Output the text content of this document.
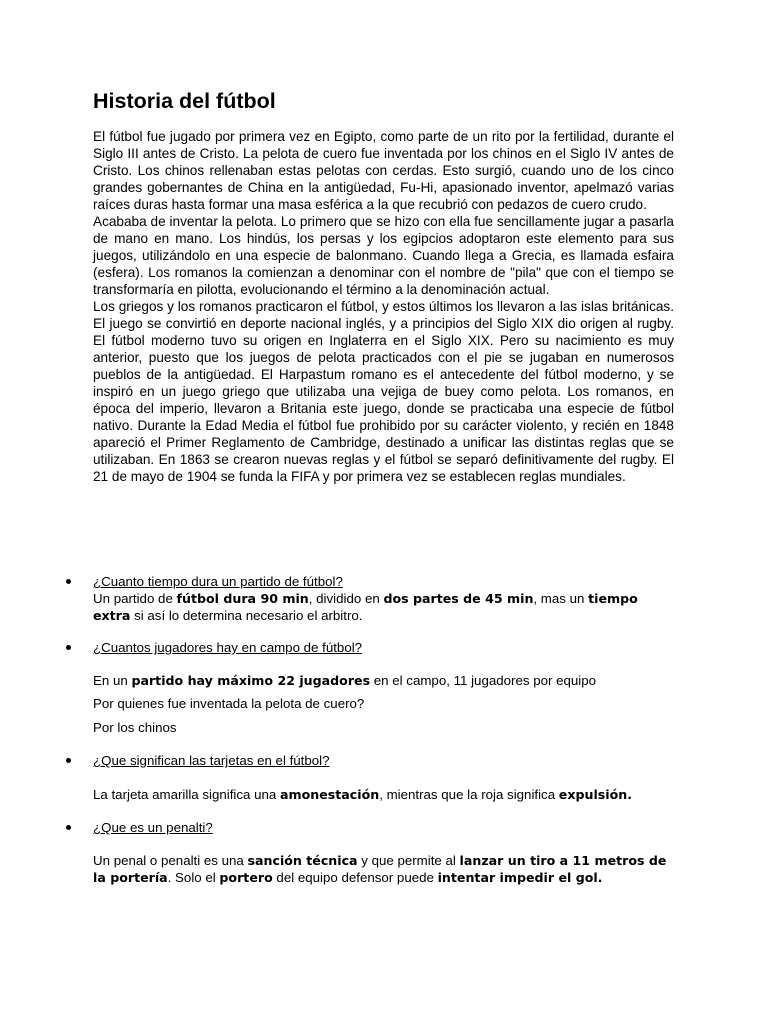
Historia del fútbol

El fútbol fue jugado por primera vez en Egipto, como parte de un rito por la fertilidad, durante el Siglo III antes de Cristo. La pelota de cuero fue inventada por los chinos en el Siglo IV antes de Cristo. Los chinos rellenaban estas pelotas con cerdas. Esto surgió, cuando uno de los cinco grandes gobernantes de China en la antigüedad, Fu-Hi, apasionado inventor, apelmazó varias raíces duras hasta formar una masa esférica a la que recubrió con pedazos de cuero crudo.

Acababa de inventar la pelota. Lo primero que se hizo con ella fue sencillamente jugar a pasarla de mano en mano. Los hindús, los persas y los egipcios adoptaron este elemento para sus juegos, utilizándolo en una especie de balonmano. Cuando llega a Grecia, es llamada esfaira (esfera). Los romanos la comienzan a denominar con el nombre de "pila" que con el tiempo se transformaría en pilotta, evolucionando el término a la denominación actual.

Los griegos y los romanos practicaron el fútbol, y estos últimos los llevaron a las islas británicas. El juego se convirtió en deporte nacional inglés, y a principios del Siglo XIX dio origen al rugby. El fútbol moderno tuvo su origen en Inglaterra en el Siglo XIX. Pero su nacimiento es muy anterior, puesto que los juegos de pelota practicados con el pie se jugaban en numerosos pueblos de la antigüedad. El Harpastum romano es el antecedente del fútbol moderno, y se inspiró en un juego griego que utilizaba una vejiga de buey como pelota. Los romanos, en época del imperio, llevaron a Britania este juego, donde se practicaba una especie de fútbol nativo. Durante la Edad Media el fútbol fue prohibido por su carácter violento, y recién en 1848 apareció el Primer Reglamento de Cambridge, destinado a unificar las distintas reglas que se utilizaban. En 1863 se crearon nuevas reglas y el fútbol se separó definitivamente del rugby. El 21 de mayo de 1904 se funda la FIFA y por primera vez se establecen reglas mundiales.

¿Cuanto tiempo dura un partido de fútbol?

Un partido de fútbol dura 90 min, dividido en dos partes de 45 min, mas un tiempo extra si así lo determina necesario el arbitro.

¿Cuantos jugadores hay en campo de fútbol?

En un partido hay máximo 22 jugadores en el campo, 11 jugadores por equipo

Por quienes fue inventada la pelota de cuero?

Por los chinos

¿Que significan las tarjetas en el fútbol?

La tarjeta amarilla significa una amonestación, mientras que la roja significa expulsión.

¿Que es un penalti?

Un penal o penalti es una sanción técnica y que permite al lanzar un tiro a 11 metros de la portería. Solo el portero del equipo defensor puede intentar impedir el gol.
